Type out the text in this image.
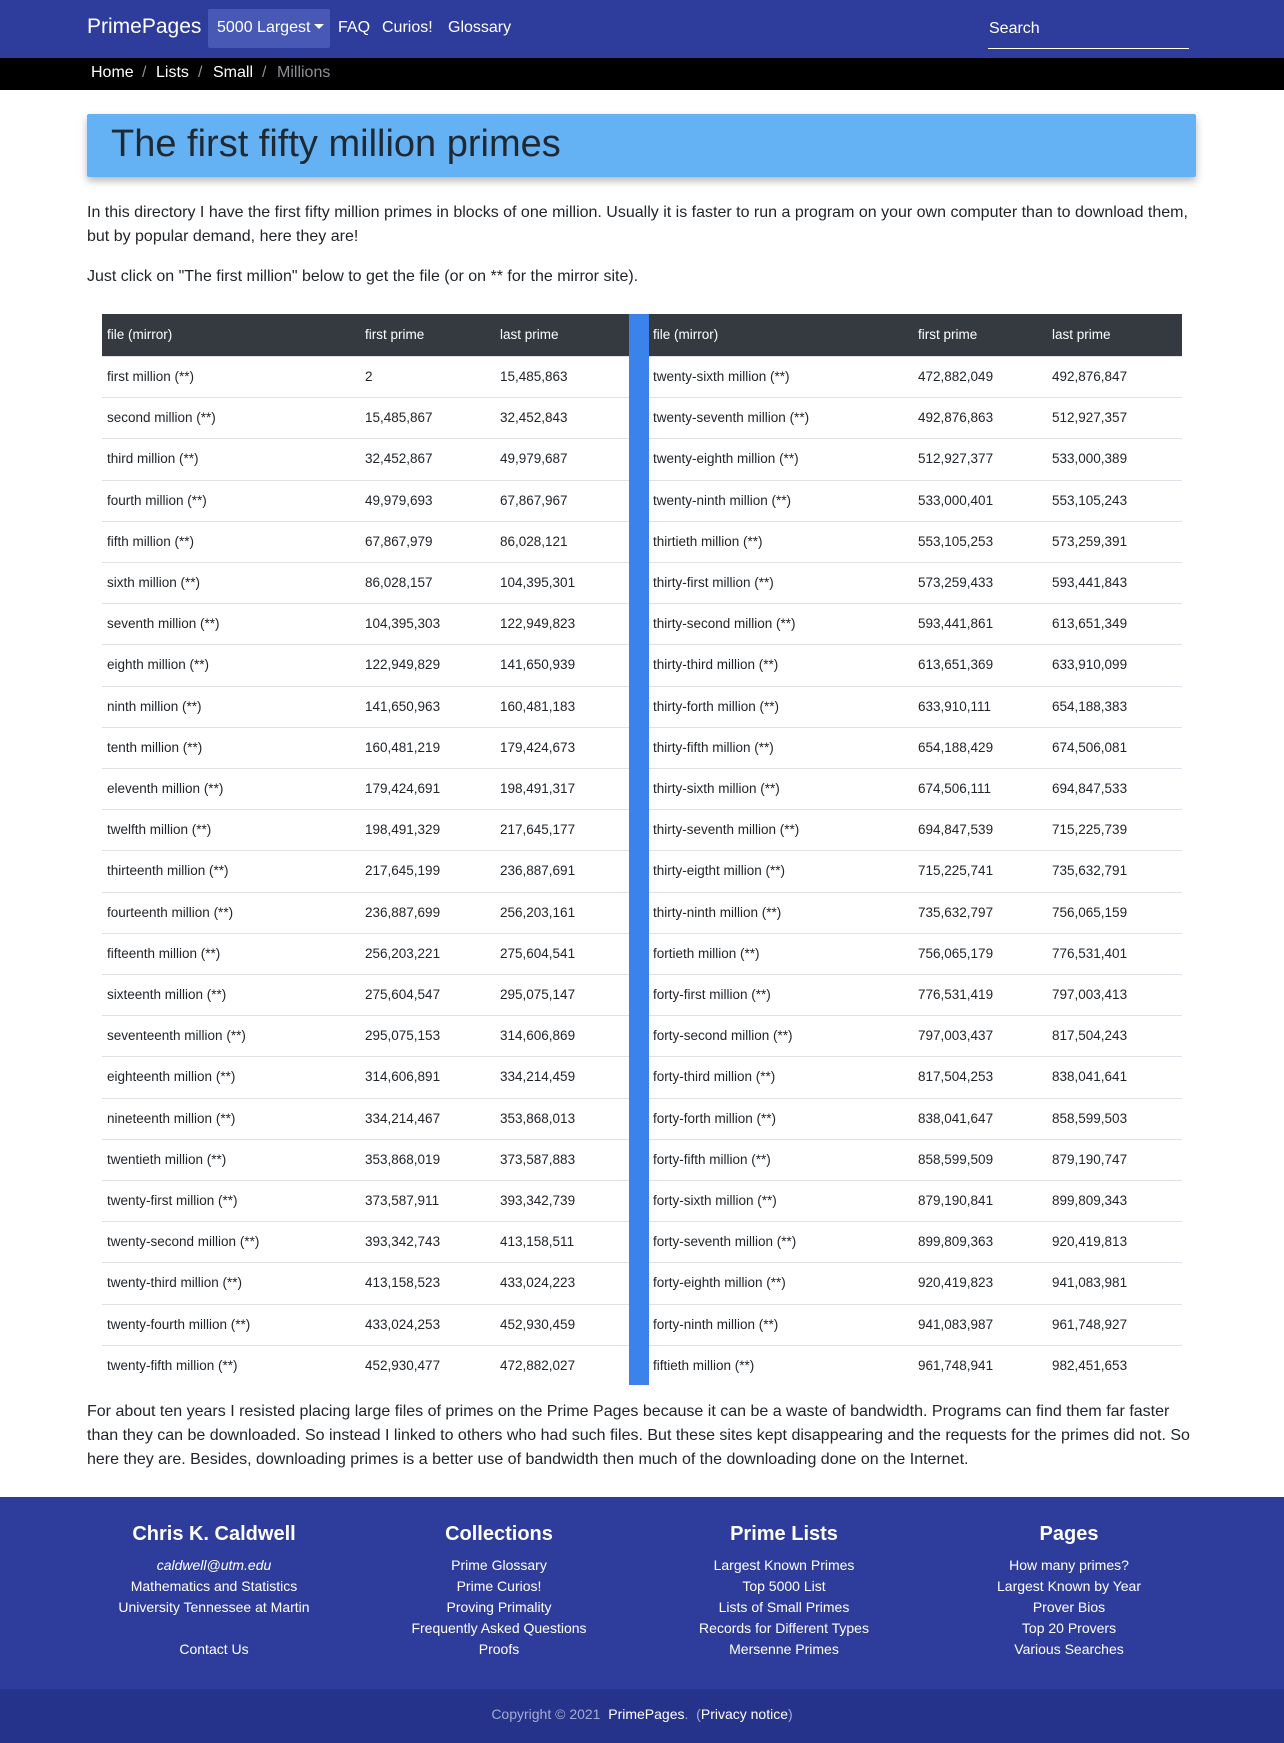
PrimePages 5000 Largest	FAQ Curios! Glossary
Search
Home / Lists / Small / Millions
The first fifty million primes

In this directory I have the first fifty million primes in blocks of one million. Usually it is faster to run a program on your own computer than to download them, but by popular demand, here they are!

Just click on "The first million" below to get the file (or on ** for the mirror site).

file (mirror)	first prime	last prime	file (mirror)	first prime	last prime
first million (**)	2	15,485,863	twenty-sixth million (**)	472,882,049	492,876,847
second million (**)	15,485,867	32,452,843	twenty-seventh million (**)	492,876,863	512,927,357
third million (**)	32,452,867	49,979,687	twenty-eighth million (**)	512,927,377	533,000,389
fourth million (**)	49,979,693	67,867,967	twenty-ninth million (**)	533,000,401	553,105,243
fifth million (**)	67,867,979	86,028,121	thirtieth million (**)	553,105,253	573,259,391
sixth million (**)	86,028,157	104,395,301	thirty-first million (**)	573,259,433	593,441,843
seventh million (**)	104,395,303	122,949,823	thirty-second million (**)	593,441,861	613,651,349
eighth million (**)	122,949,829	141,650,939	thirty-third million (**)	613,651,369	633,910,099
ninth million (**)	141,650,963	160,481,183	thirty-forth million (**)	633,910,111	654,188,383
tenth million (**)	160,481,219	179,424,673	thirty-fifth million (**)	654,188,429	674,506,081
eleventh million (**)	179,424,691	198,491,317	thirty-sixth million (**)	674,506,111	694,847,533
twelfth million (**)	198,491,329	217,645,177	thirty-seventh million (**)	694,847,539	715,225,739
thirteenth million (**)	217,645,199	236,887,691	thirty-eigtht million (**)	715,225,741	735,632,791
fourteenth million (**)	236,887,699	256,203,161	thirty-ninth million (**)	735,632,797	756,065,159
fifteenth million (**)	256,203,221	275,604,541	fortieth million (**)	756,065,179	776,531,401
sixteenth million (**)	275,604,547	295,075,147	forty-first million (**)	776,531,419	797,003,413
seventeenth million (**)	295,075,153	314,606,869	forty-second million (**)	797,003,437	817,504,243
eighteenth million (**)	314,606,891	334,214,459	forty-third million (**)	817,504,253	838,041,641
nineteenth million (**)	334,214,467	353,868,013	forty-forth million (**)	838,041,647	858,599,503
twentieth million (**)	353,868,019	373,587,883	forty-fifth million (**)	858,599,509	879,190,747
twenty-first million (**)	373,587,911	393,342,739	forty-sixth million (**)	879,190,841	899,809,343
twenty-second million (**)	393,342,743	413,158,511	forty-seventh million (**)	899,809,363	920,419,813
twenty-third million (**)	413,158,523	433,024,223	forty-eighth million (**)	920,419,823	941,083,981
twenty-fourth million (**)	433,024,253	452,930,459	forty-ninth million (**)	941,083,987	961,748,927
twenty-fifth million (**)	452,930,477	472,882,027	fiftieth million (**)	961,748,941	982,451,653

For about ten years I resisted placing large files of primes on the Prime Pages because it can be a waste of bandwidth. Programs can find them far faster than they can be downloaded. So instead I linked to others who had such files. But these sites kept disappearing and the requests for the primes did not. So here they are. Besides, downloading primes is a better use of bandwidth then much of the downloading done on the Internet.

Chris K. Caldwell
caldwell@utm.edu
Mathematics and Statistics
University Tennessee at Martin
Contact Us
Collections
Prime Glossary
Prime Curios!
Proving Primality
Frequently Asked Questions
Proofs
Prime Lists
Largest Known Primes
Top 5000 List
Lists of Small Primes
Records for Different Types
Mersenne Primes
Pages
How many primes?
Largest Known by Year
Prover Bios
Top 20 Provers
Various Searches
Copyright © 2021 PrimePages.  (Privacy notice)
